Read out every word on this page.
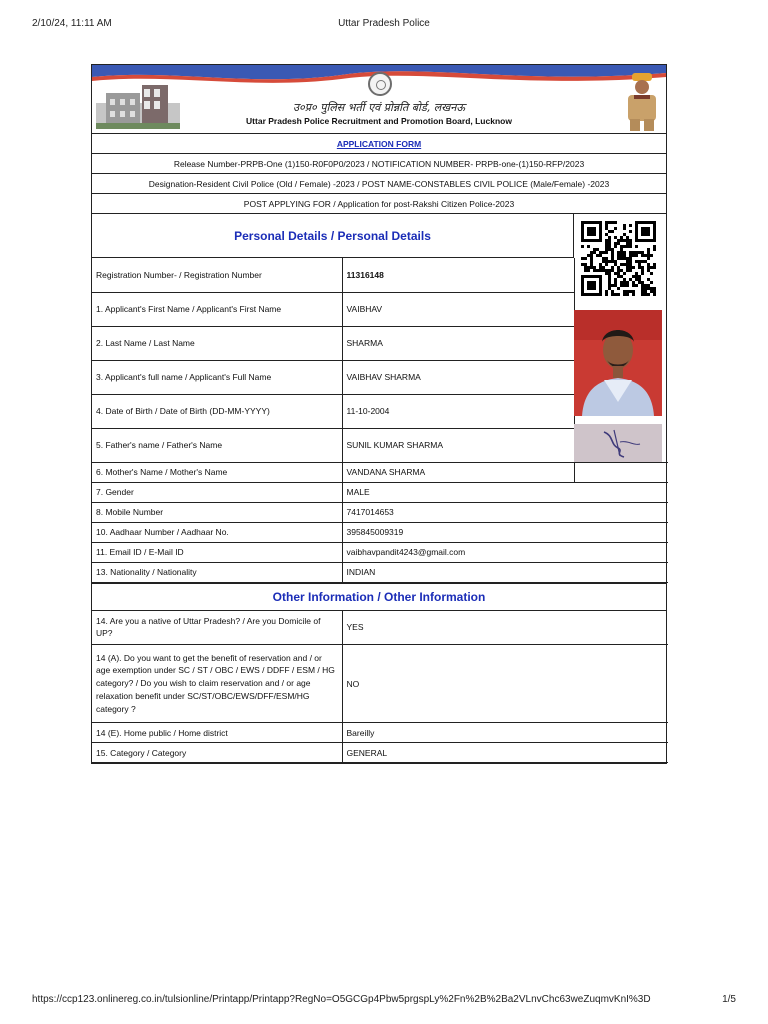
2/10/24, 11:11 AM	Uttar Pradesh Police
उ०प्र० पुलिस भर्ती एवं प्रोन्नति बोर्ड, लखनऊ
Uttar Pradesh Police Recruitment and Promotion Board, Lucknow
APPLICATION FORM
Release Number-PRPB-One (1)150-R0F0P0/2023 / NOTIFICATION NUMBER- PRPB-one-(1)150-RFP/2023
Designation-Resident Civil Police (Old / Female) -2023 / POST NAME-CONSTABLES CIVIL POLICE (Male/Female) -2023
POST APPLYING FOR / Application for post-Rakshi Citizen Police-2023
Personal Details / Personal Details
Registration Number- / Registration Number	11316148	
1. Applicant's First Name / Applicant's First Name	VAIBHAV	
2. Last Name / Last Name	SHARMA	
3. Applicant's full name / Applicant's Full Name	VAIBHAV SHARMA	
4. Date of Birth / Date of Birth (DD-MM-YYYY)	11-10-2004	
5. Father's name / Father's Name	SUNIL KUMAR SHARMA	
6. Mother's Name / Mother's Name	VANDANA SHARMA	
7. Gender	MALE	
8. Mobile Number	7417014653	
10. Aadhaar Number / Aadhaar No.	395845009319	
11. Email ID / E-Mail ID	vaibhavpandit4243@gmail.com	
13. Nationality / Nationality	INDIAN	
Other Information / Other Information
14. Are you a native of Uttar Pradesh? / Are you Domicile of UP?	YES
14 (A). Do you want to get the benefit of reservation and / or age exemption under SC / ST / OBC / EWS / DDFF / ESM / HG category? / Do you wish to claim reservation and / or age relaxation benefit under SC/ST/OBC/EWS/DFF/ESM/HG category ?	NO
14 (E). Home public / Home district	Bareilly
15. Category / Category	GENERAL
https://ccp123.onlinereg.co.in/tulsionline/Printapp/Printapp?RegNo=O5GCGp4Pbw5prgspLy%2Fn%2B%2Ba2VLnvChc63weZuqmvKnI%3D	1/5
